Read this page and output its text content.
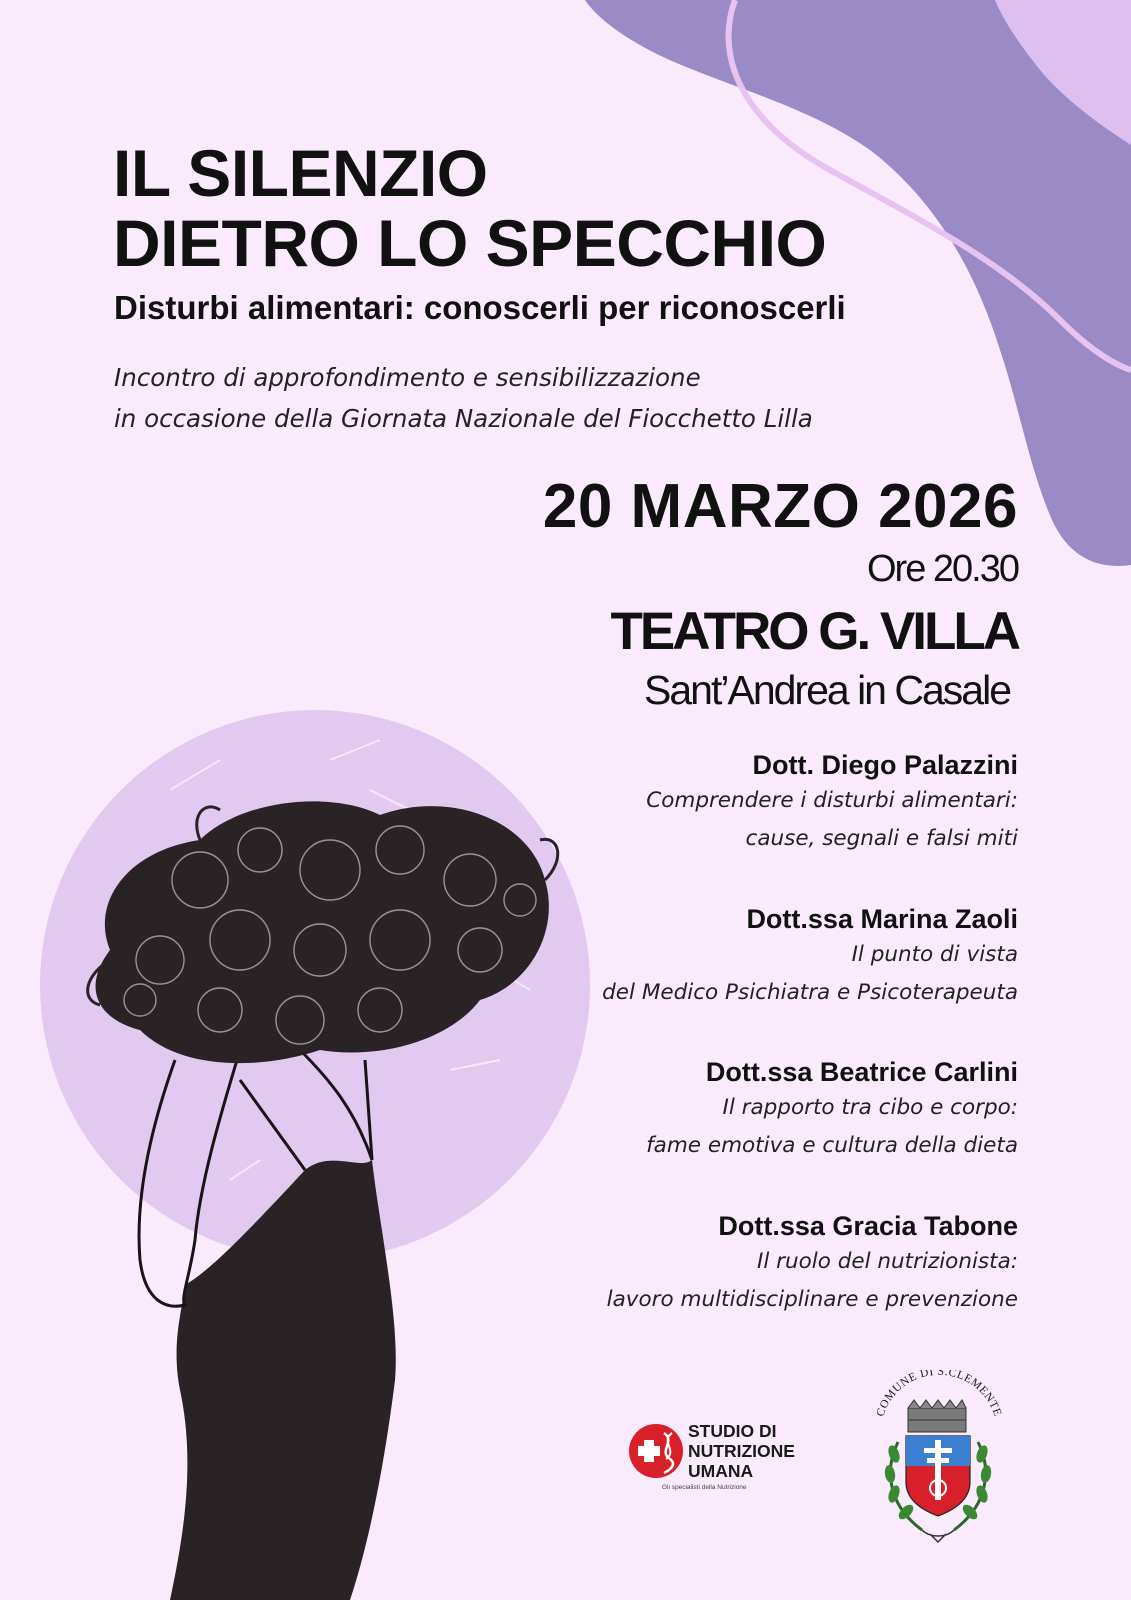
IL SILENZIO
DIETRO LO SPECCHIO

Disturbi alimentari: conoscerli per riconoscerli

Incontro di approfondimento e sensibilizzazione
in occasione della Giornata Nazionale del Fiocchetto Lilla

20 MARZO 2026
Ore 20.30
TEATRO G. VILLA
Sant’Andrea in Casale
Dott. Diego Palazzini
Comprendere i disturbi alimentari:
cause, segnali e falsi miti
Dott.ssa Marina Zaoli
Il punto di vista
del Medico Psichiatra e Psicoterapeuta
Dott.ssa Beatrice Carlini
Il rapporto tra cibo e corpo:
fame emotiva e cultura della dieta
Dott.ssa Gracia Tabone
Il ruolo del nutrizionista:
lavoro multidisciplinare e prevenzione
STUDIO DI
NUTRIZIONE
UMANA
Gli specialisti della Nutrizione
COMUNE DI S.CLEMENTE
